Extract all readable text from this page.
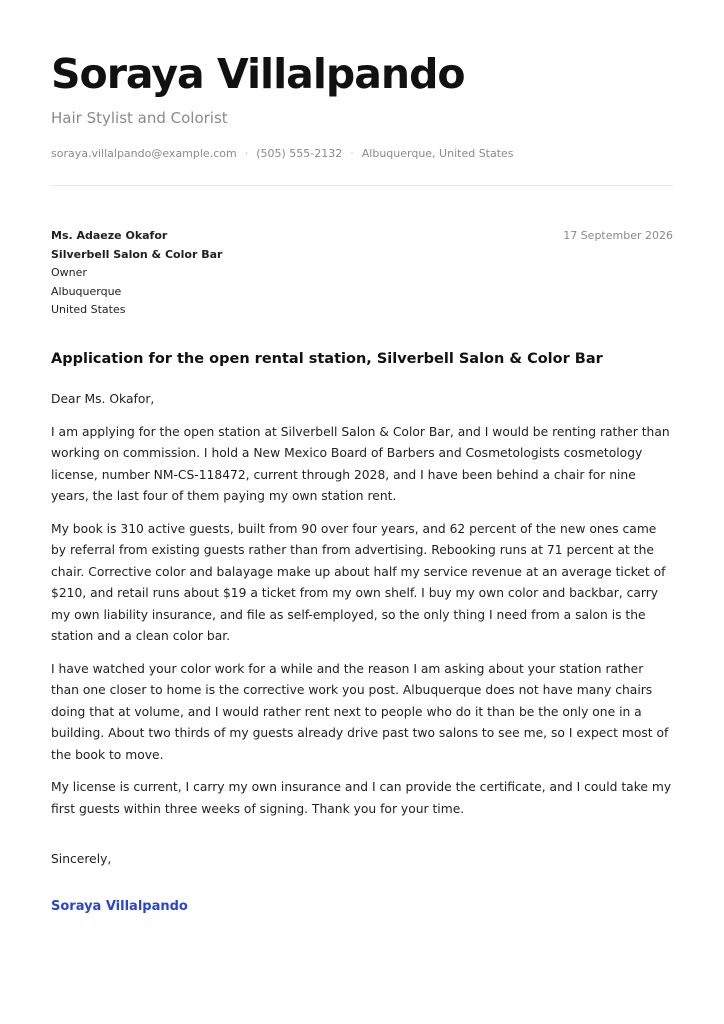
Soraya Villalpando
Hair Stylist and Colorist
soraya.villalpando@example.com · (505) 555-2132 · Albuquerque, United States
Ms. Adaeze Okafor
Silverbell Salon & Color Bar
Owner
Albuquerque
United States
17 September 2026
Application for the open rental station, Silverbell Salon & Color Bar

Dear Ms. Okafor,

I am applying for the open station at Silverbell Salon & Color Bar, and I would be renting rather than working on commission. I hold a New Mexico Board of Barbers and Cosmetologists cosmetology license, number NM-CS-118472, current through 2028, and I have been behind a chair for nine years, the last four of them paying my own station rent.

My book is 310 active guests, built from 90 over four years, and 62 percent of the new ones came by referral from existing guests rather than from advertising. Rebooking runs at 71 percent at the chair. Corrective color and balayage make up about half my service revenue at an average ticket of $210, and retail runs about $19 a ticket from my own shelf. I buy my own color and backbar, carry my own liability insurance, and file as self-employed, so the only thing I need from a salon is the station and a clean color bar.

I have watched your color work for a while and the reason I am asking about your station rather than one closer to home is the corrective work you post. Albuquerque does not have many chairs doing that at volume, and I would rather rent next to people who do it than be the only one in a building. About two thirds of my guests already drive past two salons to see me, so I expect most of the book to move.

My license is current, I carry my own insurance and I can provide the certificate, and I could take my first guests within three weeks of signing. Thank you for your time.

Sincerely,
Soraya Villalpando
